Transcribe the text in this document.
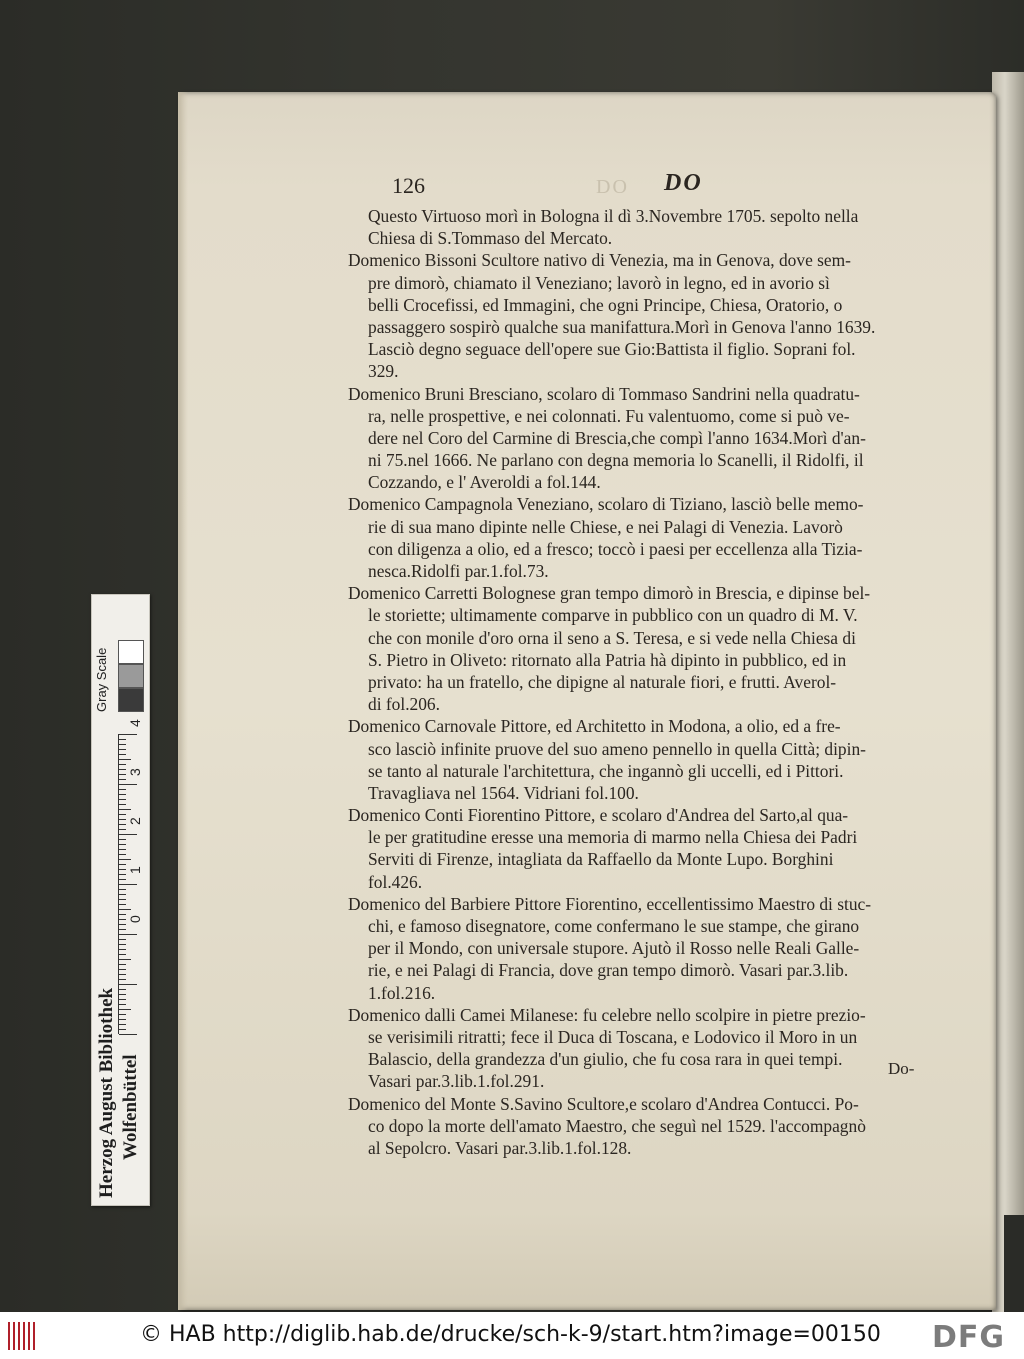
DO
126	DO
Questo Virtuoso morì in Bologna il dì 3.Novembre 1705. sepolto nella
Chiesa di S.Tommaso del Mercato.
Domenico Bissoni Scultore nativo di Venezia, ma in Genova, dove sem-
pre dimorò, chiamato il Veneziano; lavorò in legno, ed in avorio sì
belli Crocefissi, ed Immagini, che ogni Principe, Chiesa, Oratorio, o
passaggero sospirò qualche sua manifattura.Morì in Genova l'anno 1639.
Lasciò degno seguace dell'opere sue Gio:Battista il figlio. Soprani fol.
329.
Domenico Bruni Bresciano, scolaro di Tommaso Sandrini nella quadratu-
ra, nelle prospettive, e nei colonnati. Fu valentuomo, come si può ve-
dere nel Coro del Carmine di Brescia,che compì l'anno 1634.Morì d'an-
ni 75.nel 1666. Ne parlano con degna memoria lo Scanelli, il Ridolfi, il
Cozzando, e l' Averoldi a fol.144.
Domenico Campagnola Veneziano, scolaro di Tiziano, lasciò belle memo-
rie di sua mano dipinte nelle Chiese, e nei Palagi di Venezia. Lavorò
con diligenza a olio, ed a fresco; toccò i paesi per eccellenza alla Tizia-
nesca.Ridolfi par.1.fol.73.
Domenico Carretti Bolognese gran tempo dimorò in Brescia, e dipinse bel-
le storiette; ultimamente comparve in pubblico con un quadro di M. V.
che con monile d'oro orna il seno a S. Teresa, e si vede nella Chiesa di
S. Pietro in Oliveto: ritornato alla Patria hà dipinto in pubblico, ed in
privato: ha un fratello, che dipigne al naturale fiori, e frutti. Averol-
di fol.206.
Domenico Carnovale Pittore, ed Architetto in Modona, a olio, ed a fre-
sco lasciò infinite pruove del suo ameno pennello in quella Città; dipin-
se tanto al naturale l'architettura, che ingannò gli uccelli, ed i Pittori.
Travagliava nel 1564. Vidriani fol.100.
Domenico Conti Fiorentino Pittore, e scolaro d'Andrea del Sarto,al qua-
le per gratitudine eresse una memoria di marmo nella Chiesa dei Padri
Serviti di Firenze, intagliata da Raffaello da Monte Lupo. Borghini
fol.426.
Domenico del Barbiere Pittore Fiorentino, eccellentissimo Maestro di stuc-
chi, e famoso disegnatore, come confermano le sue stampe, che girano
per il Mondo, con universale stupore. Ajutò il Rosso nelle Reali Galle-
rie, e nei Palagi di Francia, dove gran tempo dimorò. Vasari par.3.lib.
1.fol.216.
Domenico dalli Camei Milanese: fu celebre nello scolpire in pietre prezio-
se verisimili ritratti; fece il Duca di Toscana, e Lodovico il Moro in un
Balascio, della grandezza d'un giulio, che fu cosa rara in quei tempi.
Vasari par.3.lib.1.fol.291.
Domenico del Monte S.Savino Scultore,e scolaro d'Andrea Contucci. Po-
co dopo la morte dell'amato Maestro, che seguì nel 1529. l'accompagnò
al Sepolcro. Vasari par.3.lib.1.fol.128.
Do-
Gray Scale
4
3
2
1
0
Herzog August Bibliothek Wolfenbüttel
© HAB http://diglib.hab.de/drucke/sch-k-9/start.htm?image=00150 DFG
